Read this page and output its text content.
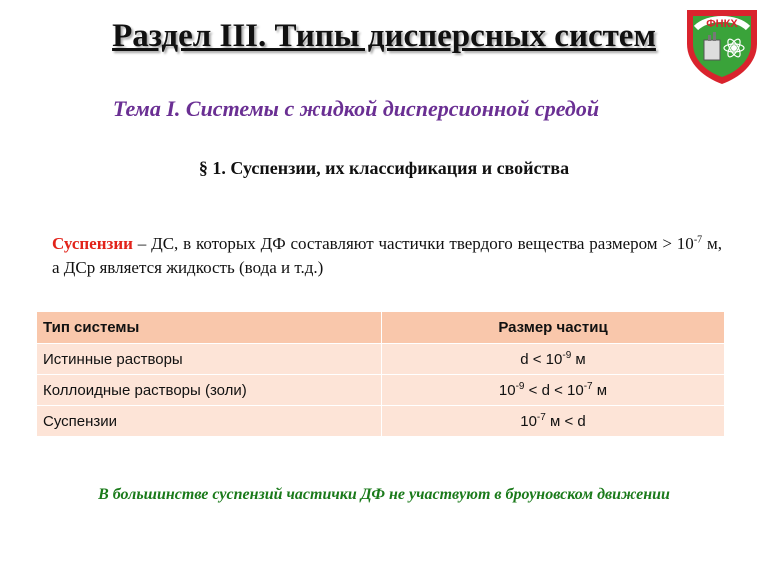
Раздел III. Типы дисперсных систем	ФНКХ
Тема I. Системы с жидкой дисперсионной средой
§ 1. Суспензии, их классификация и свойства
Суспензии – ДС, в которых ДФ составляют частички твердого вещества размером > $10^{-7}$ м, а ДСр является жидкость (вода и т.д.)
Тип системы	Размер частиц
Истинные растворы	$d < 10^{-9}$ м
Коллоидные растворы (золи)	$10^{-9} < d < 10^{-7}$ м
Суспензии	$10^{-7}$ м < d
В большинстве суспензий частички ДФ не участвуют в броуновском движении
